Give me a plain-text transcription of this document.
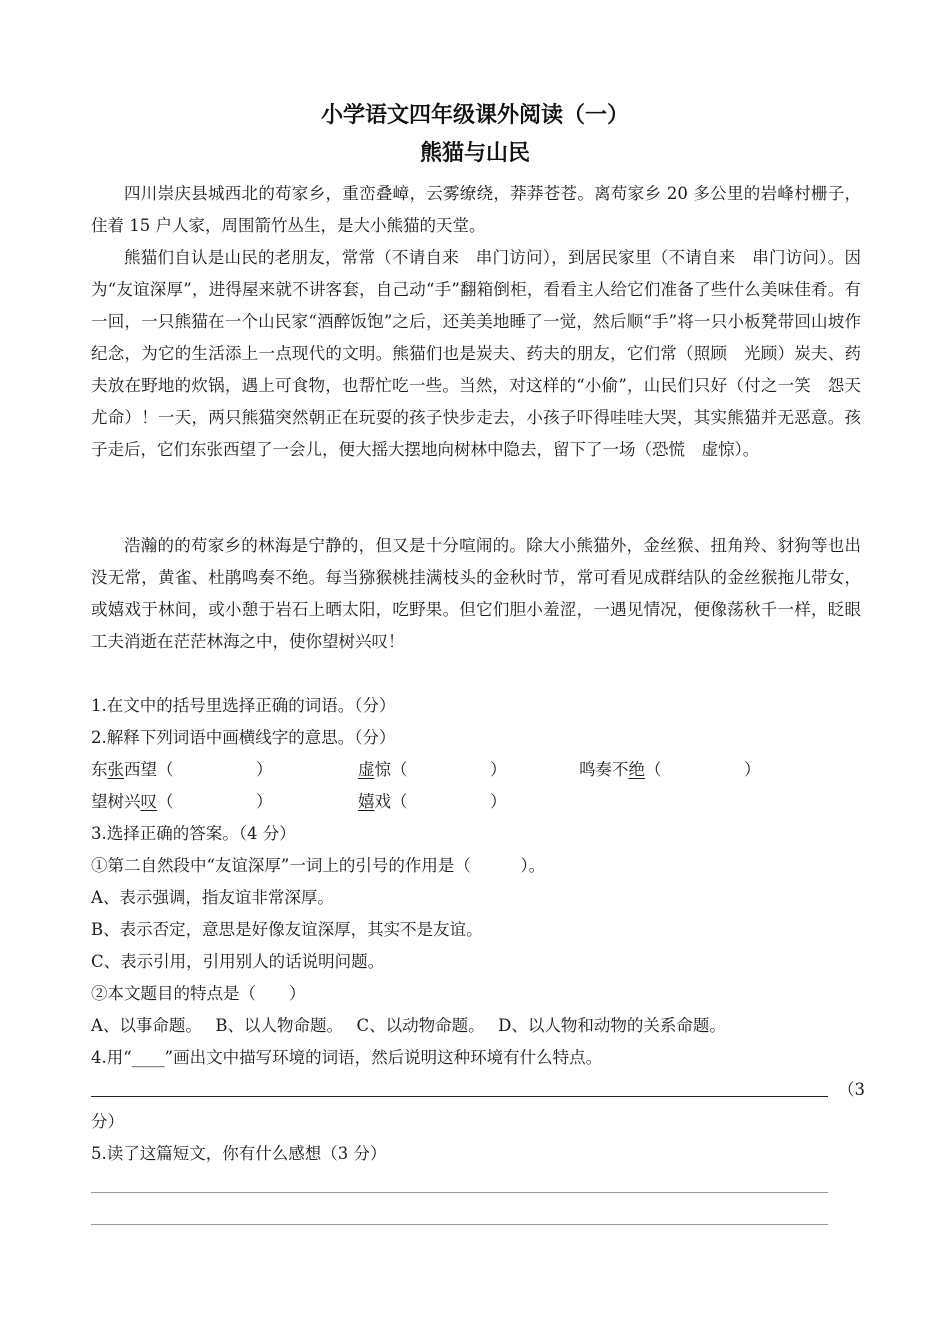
小学语文四年级课外阅读（一）
熊猫与山民

四川崇庆县城西北的苟家乡，重峦叠嶂，云雾缭绕，莽莽苍苍。离苟家乡 20 多公里的岩峰村栅子，住着 15 户人家，周围箭竹丛生，是大小熊猫的天堂。

熊猫们自认是山民的老朋友，常常（不请自来　串门访问），到居民家里（不请自来　串门访问）。因为“友谊深厚”，进得屋来就不讲客套，自己动“手”翻箱倒柜，看看主人给它们准备了些什么美味佳肴。有一回，一只熊猫在一个山民家“酒醉饭饱”之后，还美美地睡了一觉，然后顺“手”将一只小板凳带回山坡作纪念，为它的生活添上一点现代的文明。熊猫们也是炭夫、药夫的朋友，它们常（照顾　光顾）炭夫、药夫放在野地的炊锅，遇上可食物，也帮忙吃一些。当然，对这样的“小偷”，山民们只好（付之一笑　怨天尤命）！一天，两只熊猫突然朝正在玩耍的孩子快步走去，小孩子吓得哇哇大哭，其实熊猫并无恶意。孩子走后，它们东张西望了一会儿，便大摇大摆地向树林中隐去，留下了一场（恐慌　虚惊）。

浩瀚的的苟家乡的林海是宁静的，但又是十分喧闹的。除大小熊猫外，金丝猴、扭角羚、豺狗等也出没无常，黄雀、杜鹃鸣奏不绝。每当猕猴桃挂满枝头的金秋时节，常可看见成群结队的金丝猴拖儿带女，或嬉戏于林间，或小憩于岩石上晒太阳，吃野果。但它们胆小羞涩，一遇见情况，便像荡秋千一样，眨眼工夫消逝在茫茫林海之中，使你望树兴叹！

1.在文中的括号里选择正确的词语。（分）
2.解释下列词语中画横线字的意思。（分）
东张西望（　　　　　）	虚惊（　　　　　）	鸣奏不绝（　　　　　）
望树兴叹（　　　　　）	嬉戏（　　　　　）
3.选择正确的答案。（4 分）
①第二自然段中“友谊深厚”一词上的引号的作用是（　　　）。
A、表示强调，指友谊非常深厚。
B、表示否定，意思是好像友谊深厚，其实不是友谊。
C、表示引用，引用别人的话说明问题。
②本文题目的特点是（　　）
A、以事命题。　 B、以人物命题。　 C、以动物命题。　 D、以人物和动物的关系命题。
4.用“____”画出文中描写环境的词语，然后说明这种环境有什么特点。
（3
分）
5.读了这篇短文，你有什么感想（3 分）
